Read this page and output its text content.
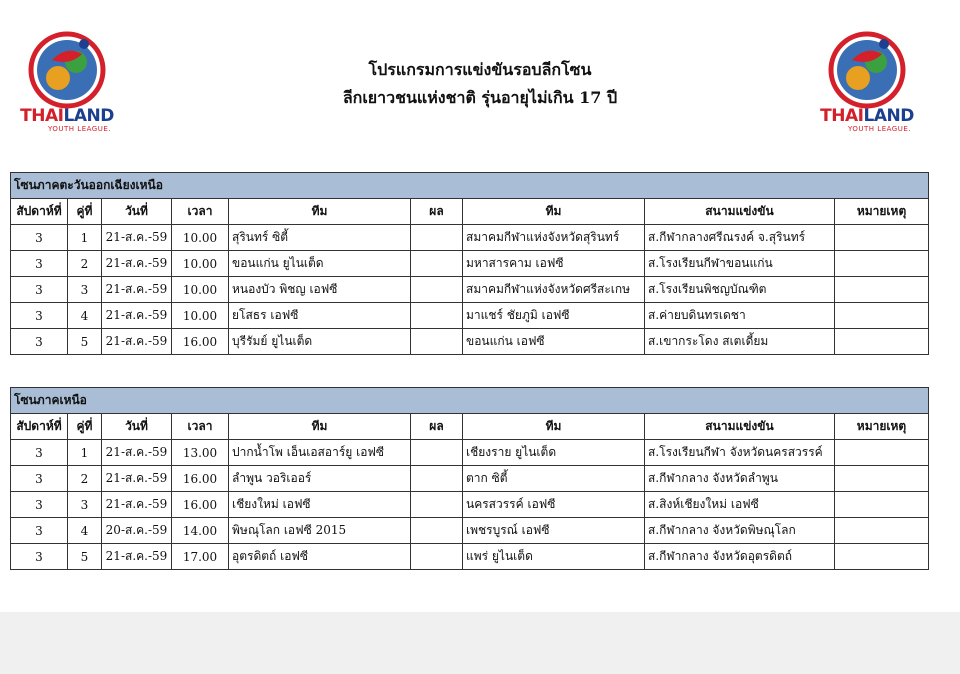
THAILAND
YOUTH LEAGUE.
THAILAND
YOUTH LEAGUE.
โปรแกรมการแข่งขันรอบลีกโซน
ลีกเยาวชนแห่งชาติ รุ่นอายุไม่เกิน 17 ปี
โซนภาคตะวันออกเฉียงเหนือ								
สัปดาห์ที่	คู่ที่	วันที่	เวลา	ทีม	ผล	ทีม	สนามแข่งขัน	หมายเหตุ
3	1	21-ส.ค.-59	10.00	สุรินทร์ ซิตี้		สมาคมกีฬาแห่งจังหวัดสุรินทร์	ส.กีฬากลางศรีณรงค์ จ.สุรินทร์	
3	2	21-ส.ค.-59	10.00	ขอนแก่น ยูไนเต็ด		มหาสารคาม เอฟซี	ส.โรงเรียนกีฬาขอนแก่น	
3	3	21-ส.ค.-59	10.00	หนองบัว พิชญ เอฟซี		สมาคมกีฬาแห่งจังหวัดศรีสะเกษ	ส.โรงเรียนพิชญบัณฑิต	
3	4	21-ส.ค.-59	10.00	ยโสธร เอฟซี		มาแชร์ ชัยภูมิ เอฟซี	ส.ค่ายบดินทรเดชา	
3	5	21-ส.ค.-59	16.00	บุรีรัมย์ ยูไนเต็ด		ขอนแก่น เอฟซี	ส.เขากระโดง สเตเดี้ยม	
โซนภาคเหนือ								
สัปดาห์ที่	คู่ที่	วันที่	เวลา	ทีม	ผล	ทีม	สนามแข่งขัน	หมายเหตุ
3	1	21-ส.ค.-59	13.00	ปากน้ำโพ เอ็นเอสอาร์ยู เอฟซี		เชียงราย ยูไนเต็ด	ส.โรงเรียนกีฬา จังหวัดนครสวรรค์	
3	2	21-ส.ค.-59	16.00	ลำพูน วอริเออร์		ตาก ซิตี้	ส.กีฬากลาง จังหวัดลำพูน	
3	3	21-ส.ค.-59	16.00	เชียงใหม่ เอฟซี		นครสวรรค์ เอฟซี	ส.สิงห์เชียงใหม่ เอฟซี	
3	4	20-ส.ค.-59	14.00	พิษณุโลก เอฟซี 2015		เพชรบูรณ์ เอฟซี	ส.กีฬากลาง จังหวัดพิษณุโลก	
3	5	21-ส.ค.-59	17.00	อุตรดิตถ์ เอฟซี		แพร่ ยูไนเต็ด	ส.กีฬากลาง จังหวัดอุตรดิตถ์	
